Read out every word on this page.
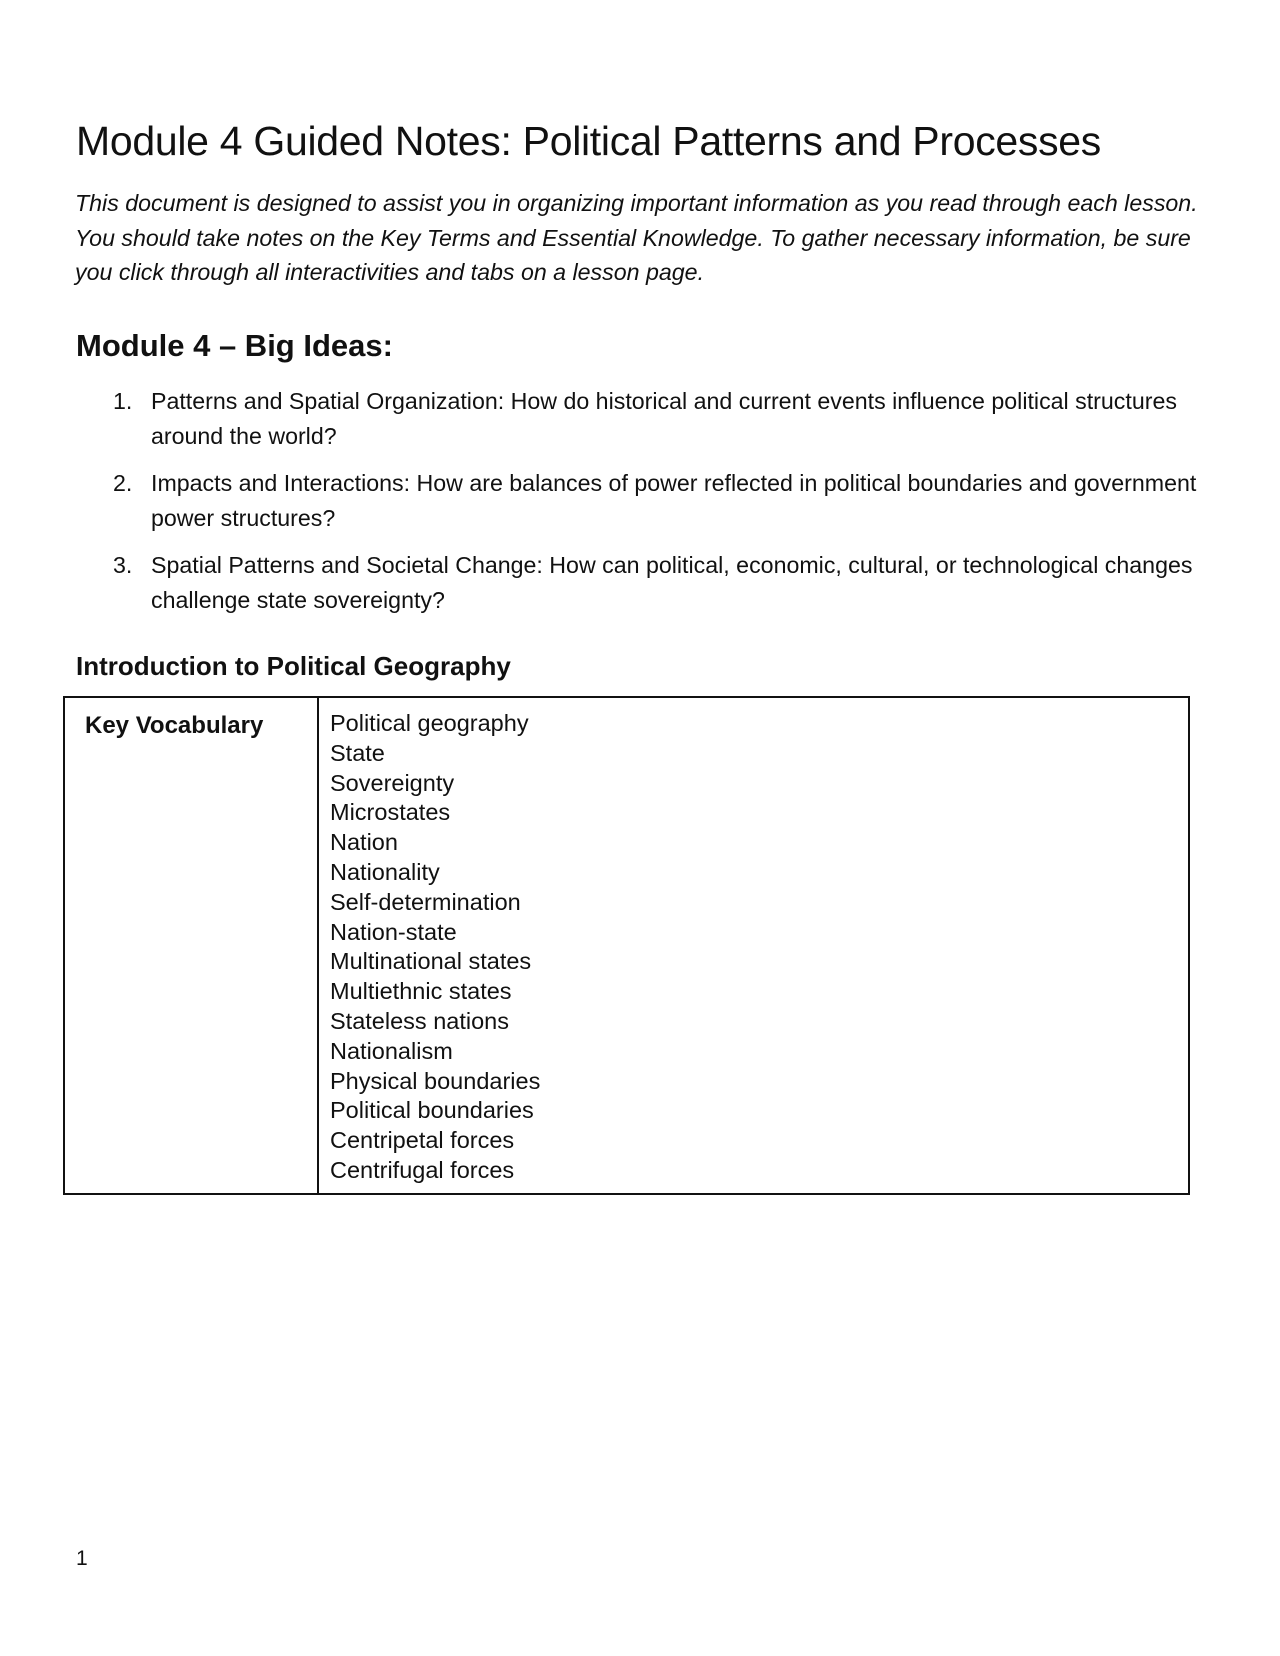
Module 4 Guided Notes: Political Patterns and Processes

This document is designed to assist you in organizing important information as you read through each lesson. You should take notes on the Key Terms and Essential Knowledge. To gather necessary information, be sure you click through all interactivities and tabs on a lesson page.

Module 4 – Big Ideas:
1. Patterns and Spatial Organization: How do historical and current events influence political structures around the world?
2. Impacts and Interactions: How are balances of power reflected in political boundaries and government power structures?
3. Spatial Patterns and Societal Change: How can political, economic, cultural, or technological changes challenge state sovereignty?
Introduction to Political Geography
Key Vocabulary	Political geography
State
Sovereignty
Microstates
Nation
Nationality
Self-determination
Nation-state
Multinational states
Multiethnic states
Stateless nations
Nationalism
Physical boundaries
Political boundaries
Centripetal forces
Centrifugal forces
1
